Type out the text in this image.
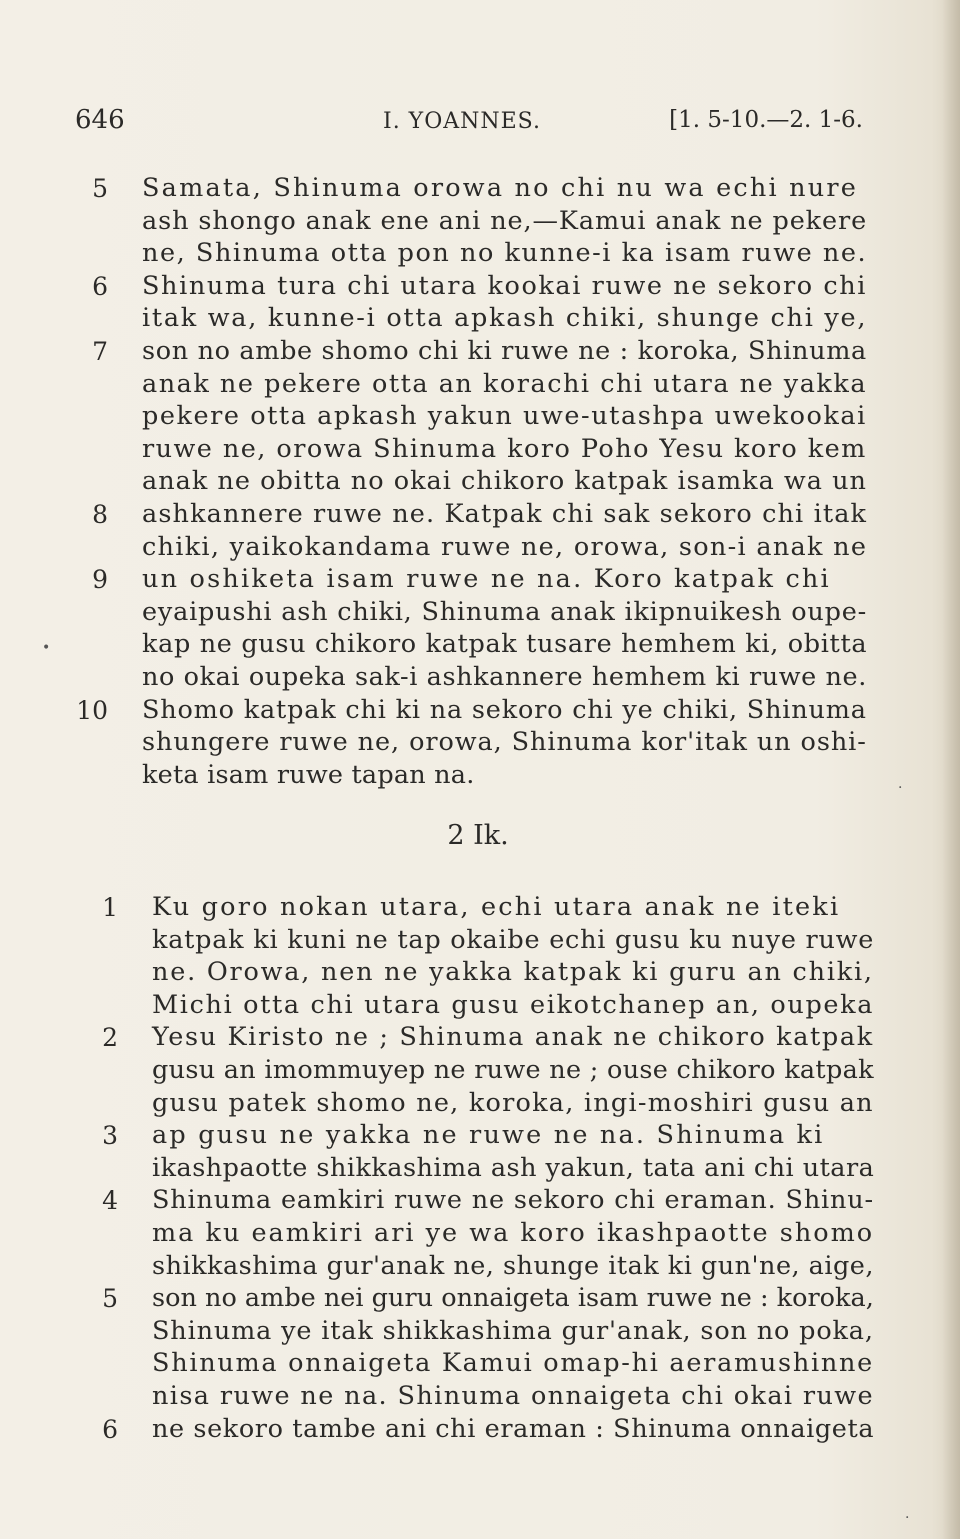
646	I. YOANNES.	[1. 5-10.—2. 1-6.
5 Samata, Shinuma orowa no chi nu wa echi nure
ash shongo anak ene ani ne,—Kamui anak ne pekere
ne, Shinuma otta pon no kunne-i ka isam ruwe ne.
6 Shinuma tura chi utara kookai ruwe ne sekoro chi
itak wa, kunne-i otta apkash chiki, shunge chi ye,
7 son no ambe shomo chi ki ruwe ne : koroka, Shinuma
anak ne pekere otta an korachi chi utara ne yakka
pekere otta apkash yakun uwe-utashpa uwekookai
ruwe ne, orowa Shinuma koro Poho Yesu koro kem
anak ne obitta no okai chikoro katpak isamka wa un
8 ashkannere ruwe ne. Katpak chi sak sekoro chi itak
chiki, yaikokandama ruwe ne, orowa, son-i anak ne
9 un oshiketa isam ruwe ne na. Koro katpak chi
eyaipushi ash chiki, Shinuma anak ikipnuikesh oupe-
kap ne gusu chikoro katpak tusare hemhem ki, obitta
no okai oupeka sak-i ashkannere hemhem ki ruwe ne.
10 Shomo katpak chi ki na sekoro chi ye chiki, Shinuma
shungere ruwe ne, orowa, Shinuma kor'itak un oshi-
keta isam ruwe tapan na.
2 Ik.
1 Ku goro nokan utara, echi utara anak ne iteki
katpak ki kuni ne tap okaibe echi gusu ku nuye ruwe
ne. Orowa, nen ne yakka katpak ki guru an chiki,
Michi otta chi utara gusu eikotchanep an, oupeka
2 Yesu Kiristo ne ; Shinuma anak ne chikoro katpak
gusu an imommuyep ne ruwe ne ; ouse chikoro katpak
gusu patek shomo ne, koroka, ingi-moshiri gusu an
3 ap gusu ne yakka ne ruwe ne na. Shinuma ki
ikashpaotte shikkashima ash yakun, tata ani chi utara
4 Shinuma eamkiri ruwe ne sekoro chi eraman. Shinu-
ma ku eamkiri ari ye wa koro ikashpaotte shomo
shikkashima gur'anak ne, shunge itak ki gun'ne, aige,
5 son no ambe nei guru onnaigeta isam ruwe ne : koroka,
Shinuma ye itak shikkashima gur'anak, son no poka,
Shinuma onnaigeta Kamui omap-hi aeramushinne
nisa ruwe ne na. Shinuma onnaigeta chi okai ruwe
6 ne sekoro tambe ani chi eraman : Shinuma onnaigeta
•
·
·
